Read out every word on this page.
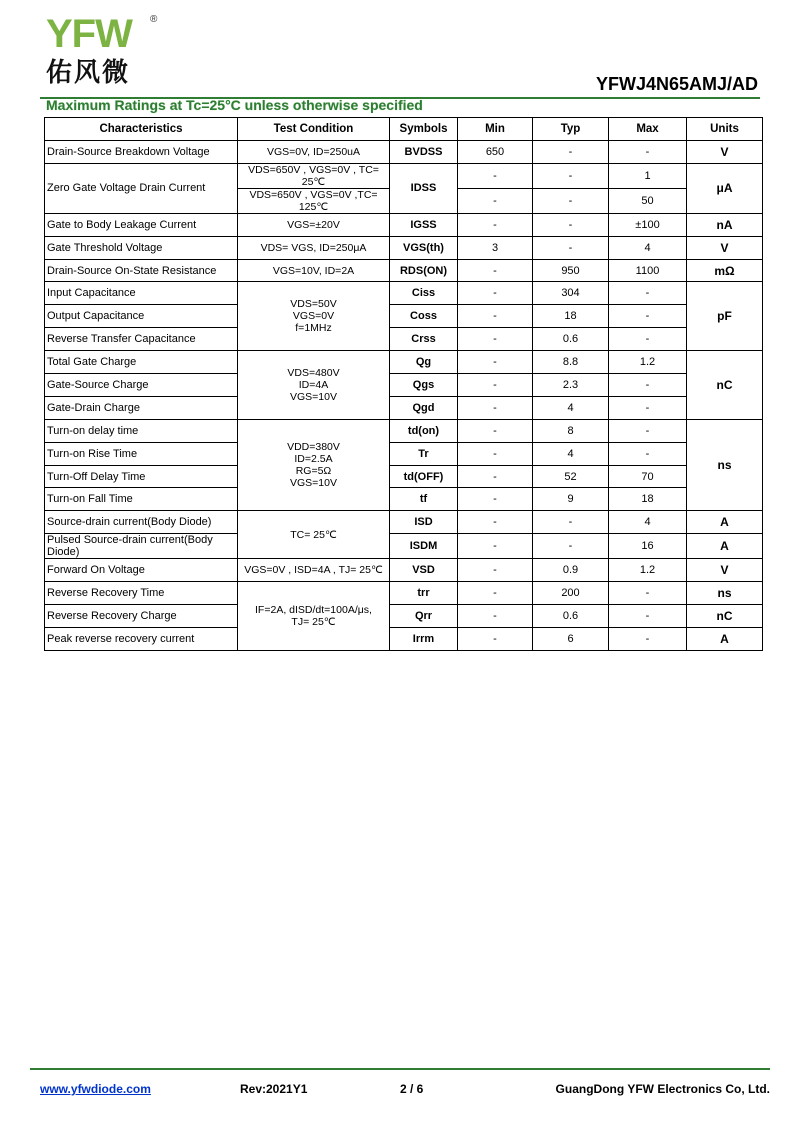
YFW ®
佑风微	YFWJ4N65AMJ/AD
Maximum Ratings at Tc=25°C unless otherwise specified
Characteristics	Test Condition	Symbols	Min	Typ	Max	Units
Drain-Source Breakdown Voltage	VGS=0V, ID=250uA	BVDSS	650	-	-	V
Zero Gate Voltage Drain Current	VDS=650V , VGS=0V , TC= 25℃	IDSS	-	-	1	μA
	VDS=650V , VGS=0V ,TC= 125℃		-	-	50	
Gate to Body Leakage Current	VGS=±20V	IGSS	-	-	±100	nA
Gate Threshold Voltage	VDS= VGS, ID=250μA	VGS(th)	3	-	4	V
Drain-Source On-State Resistance	VGS=10V, ID=2A	RDS(ON)	-	950	1100	mΩ
Input Capacitance	VDS=50V
VGS=0V
f=1MHz	Ciss	-	304	-	pF
Output Capacitance		Coss	-	18	-	
Reverse Transfer Capacitance		Crss	-	0.6	-	
Total Gate Charge	VDS=480V
ID=4A
VGS=10V	Qg	-	8.8	1.2	nC
Gate-Source Charge		Qgs	-	2.3	-	
Gate-Drain Charge		Qgd	-	4	-	
Turn-on delay time	VDD=380V
ID=2.5A
RG=5Ω
VGS=10V	td(on)	-	8	-	ns
Turn-on Rise Time		Tr	-	4	-	
Turn-Off Delay Time		td(OFF)	-	52	70	
Turn-on Fall Time		tf	-	9	18	
Source-drain current(Body Diode)	TC= 25℃	ISD	-	-	4	A
Pulsed Source-drain current(Body Diode)		ISDM	-	-	16	A
Forward On Voltage	VGS=0V , ISD=4A , TJ= 25℃	VSD	-	0.9	1.2	V
Reverse Recovery Time	IF=2A, dISD/dt=100A/μs,
TJ= 25℃	trr	-	200	-	ns
Reverse Recovery Charge		Qrr	-	0.6	-	nC
Peak reverse recovery current		Irrm	-	6	-	A
www.yfwdiode.com	Rev:2021Y1	2 / 6	GuangDong YFW Electronics Co, Ltd.
